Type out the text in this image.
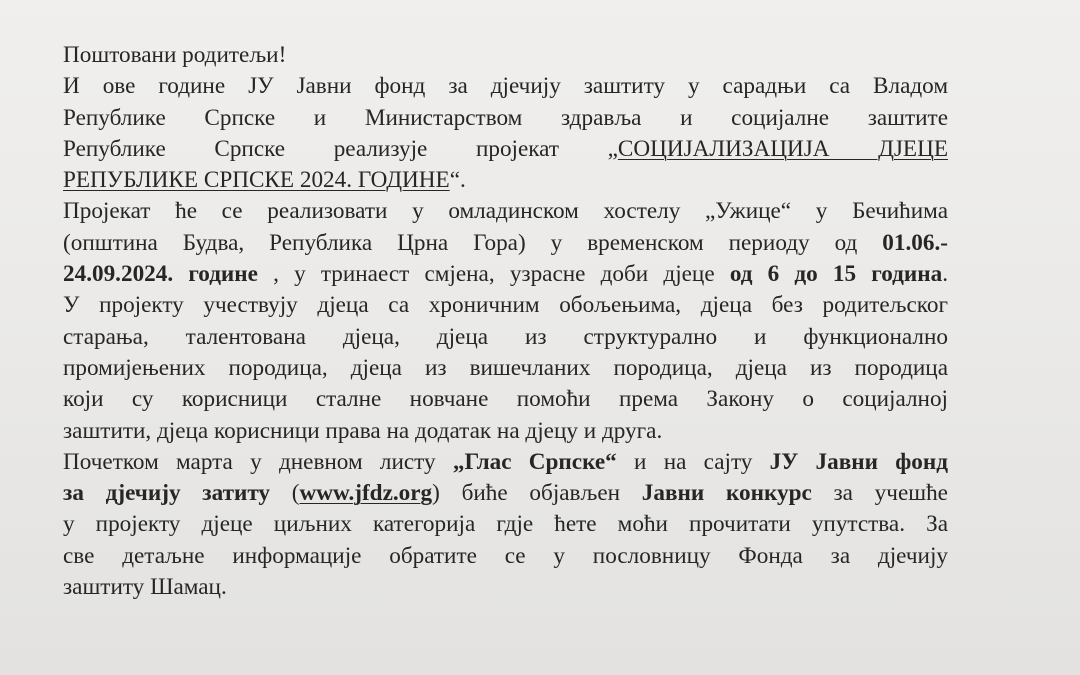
Поштовани родитељи!
И ове године ЈУ Јавни фонд за дјечију заштиту у сарадњи са Владом
Републике Српске и Министарством здравља и социјалне заштите
Републике Српске реализује пројекат „СОЦИЈАЛИЗАЦИЈА ДЈЕЦЕ
РЕПУБЛИКЕ СРПСКЕ 2024. ГОДИНЕ“.
Пројекат ће се реализовати у омладинском хостелу „Ужице“ у Бечићима
(општина Будва, Република Црна Гора) у временском периоду од 01.06.-
24.09.2024. године , у тринаест смјена, узрасне доби дјеце од 6 до 15 година.
У пројекту учествују дјеца са хроничним обољењима, дјеца без родитељског
старања, талентована дјеца, дјеца из структурално и функционално
промијењених породица, дјеца из вишечланих породица, дјеца из породица
који су корисници сталне новчане помоћи према Закону о социјалној
заштити, дјеца корисници права на додатак на дјецу и друга.
Почетком марта у дневном листу „Глас Српске“ и на сајту ЈУ Јавни фонд
за дјечију затиту (www.jfdz.org) биће објављен Јавни конкурс за учешће
у пројекту дјеце циљних категорија гдје ћете моћи прочитати упутства. За
све детаљне информације обратите се у пословницу Фонда за дјечију
заштиту Шамац.
